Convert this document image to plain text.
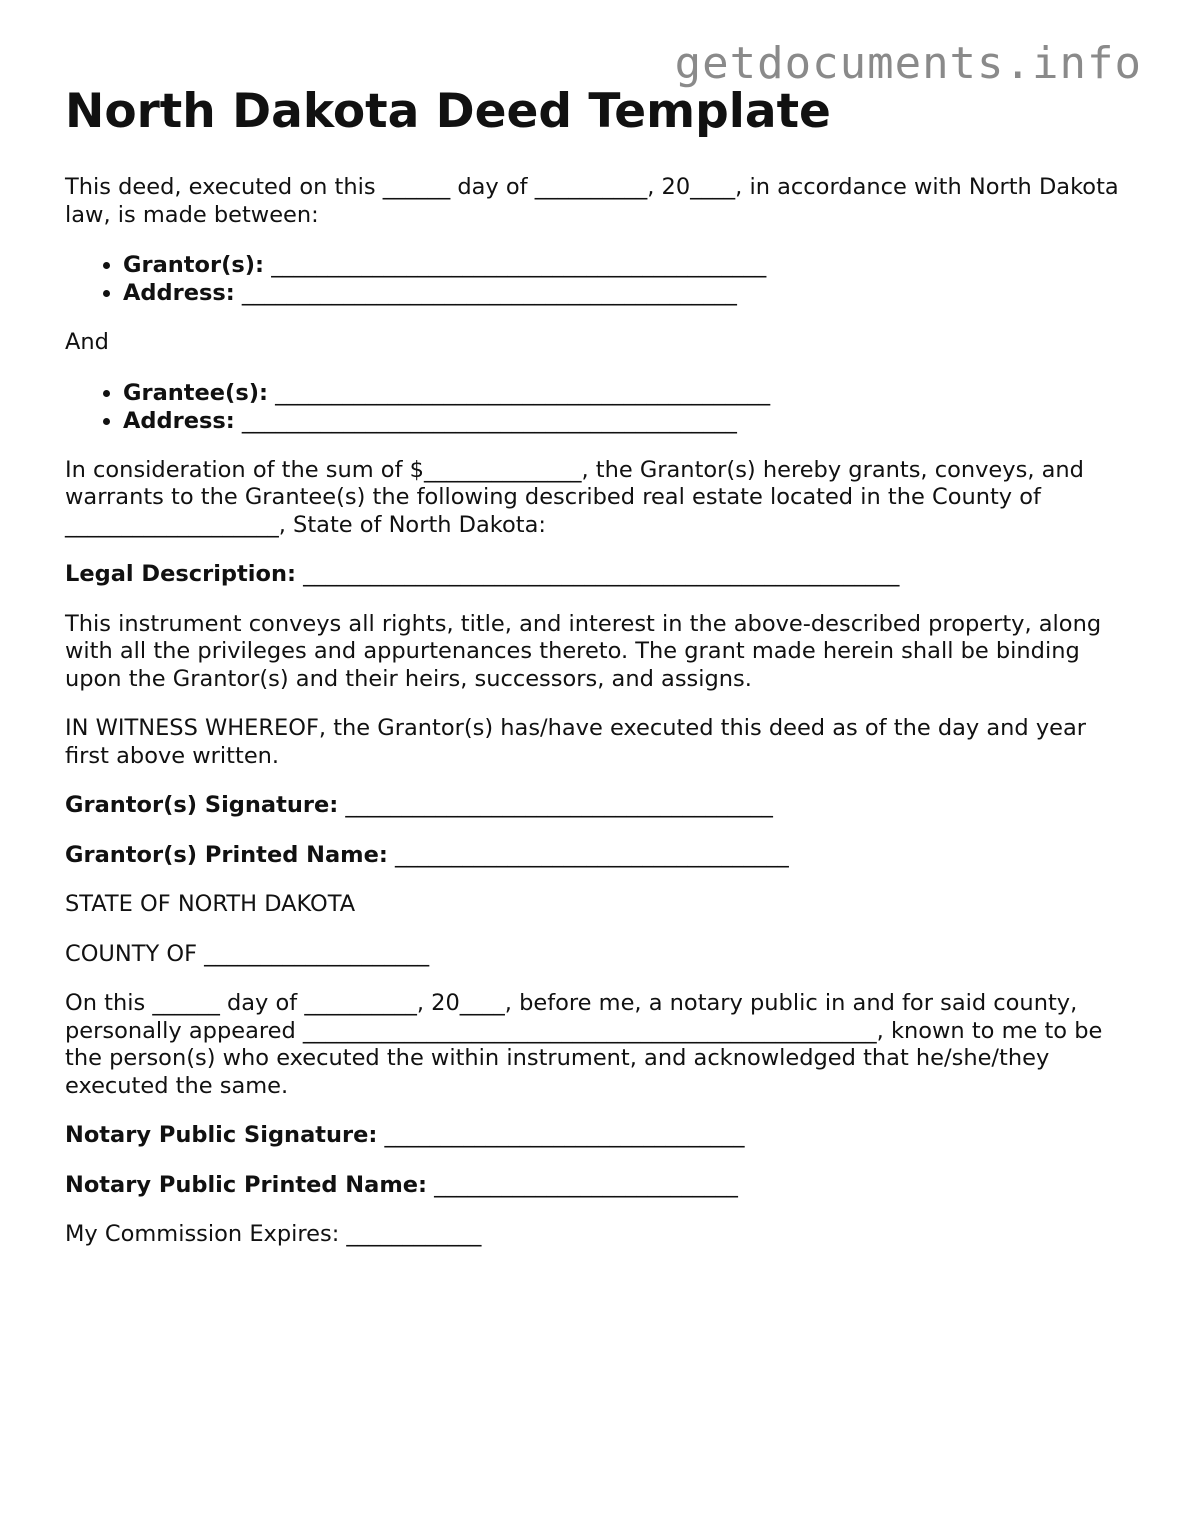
getdocuments.info
North Dakota Deed Template

This deed, executed on this ______ day of __________, 20____, in accordance with North Dakota law, is made between:

• Grantor(s): ____________________________________________
• Address: ____________________________________________

And

• Grantee(s): ____________________________________________
• Address: ____________________________________________

In consideration of the sum of $______________, the Grantor(s) hereby grants, conveys, and warrants to the Grantee(s) the following described real estate located in the County of ___________________, State of North Dakota:

Legal Description: _____________________________________________________

This instrument conveys all rights, title, and interest in the above-described property, along with all the privileges and appurtenances thereto. The grant made herein shall be binding upon the Grantor(s) and their heirs, successors, and assigns.

IN WITNESS WHEREOF, the Grantor(s) has/have executed this deed as of the day and year first above written.

Grantor(s) Signature: ______________________________________

Grantor(s) Printed Name: ___________________________________

STATE OF NORTH DAKOTA

COUNTY OF ____________________

On this ______ day of __________, 20____, before me, a notary public in and for said county, personally appeared ___________________________________________________, known to me to be the person(s) who executed the within instrument, and acknowledged that he/she/they executed the same.

Notary Public Signature: ________________________________

Notary Public Printed Name: ___________________________

My Commission Expires: ____________
